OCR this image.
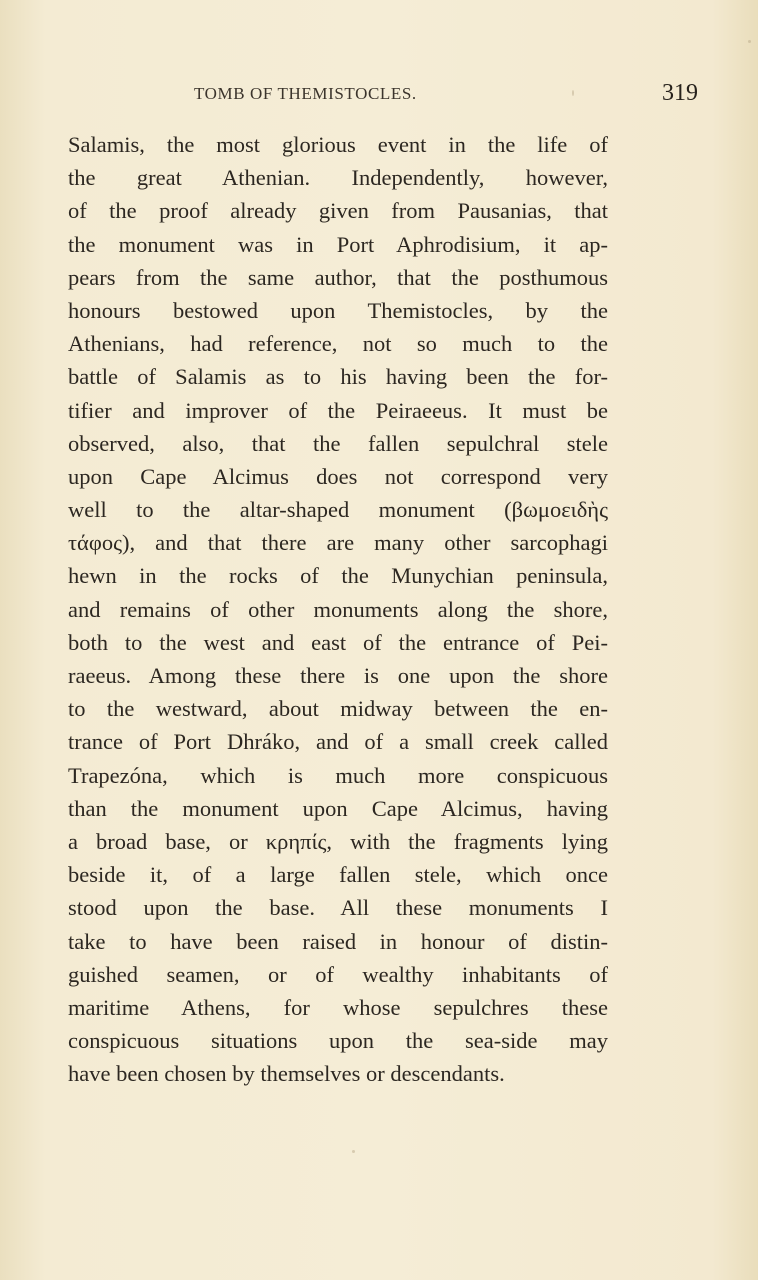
TOMB OF THEMISTOCLES.	319
Salamis, the most glorious event in the life of
the great Athenian. Independently, however,
of the proof already given from Pausanias, that
the monument was in Port Aphrodisium, it ap-
pears from the same author, that the posthumous
honours bestowed upon Themistocles, by the
Athenians, had reference, not so much to the
battle of Salamis as to his having been the for-
tifier and improver of the Peiraeeus. It must be
observed, also, that the fallen sepulchral stele
upon Cape Alcimus does not correspond very
well to the altar-shaped monument (βωμοειδὴς
τάφος), and that there are many other sarcophagi
hewn in the rocks of the Munychian peninsula,
and remains of other monuments along the shore,
both to the west and east of the entrance of Pei-
raeeus. Among these there is one upon the shore
to the westward, about midway between the en-
trance of Port Dhráko, and of a small creek called
Trapezóna, which is much more conspicuous
than the monument upon Cape Alcimus, having
a broad base, or κρηπίς, with the fragments lying
beside it, of a large fallen stele, which once
stood upon the base. All these monuments I
take to have been raised in honour of distin-
guished seamen, or of wealthy inhabitants of
maritime Athens, for whose sepulchres these
conspicuous situations upon the sea-side may
have been chosen by themselves or descendants.
